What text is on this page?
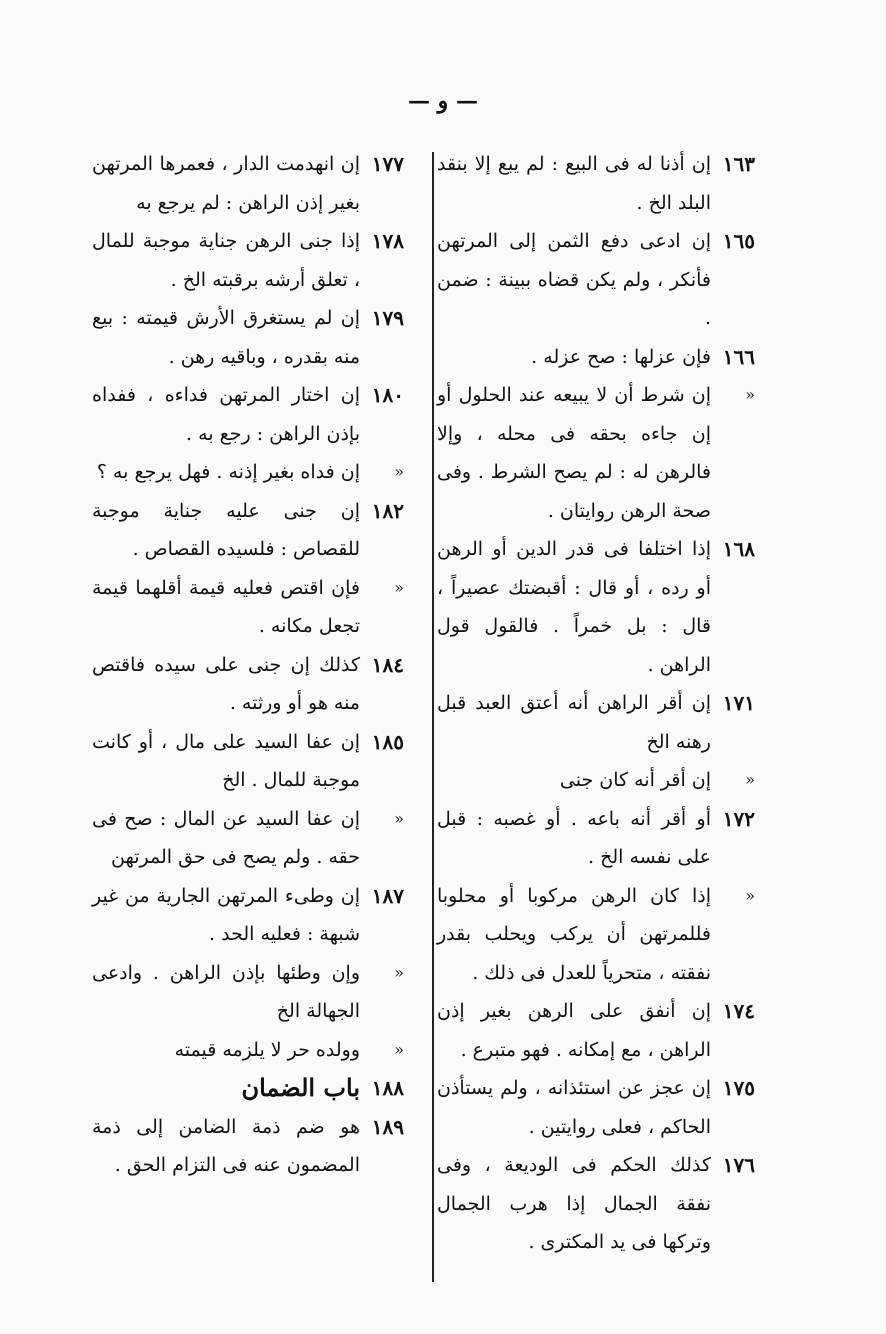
— و —
١٦٣
إن أذنا له فى البيع : لم يبع إلا بنقد البلد الخ .
١٦٥
إن ادعى دفع الثمن إلى المرتهن فأنكر ، ولم يكن قضاه ببينة : ضمن .
١٦٦
فإن عزلها : صح عزله .
«
إن شرط أن لا يبيعه عند الحلول أو إن جاءه بحقه فى محله ، وإلا فالرهن له : لم يصح الشرط . وفى صحة الرهن روايتان .
١٦٨
إذا اختلفا فى قدر الدين أو الرهن أو رده ، أو قال : أقبضتك عصيراً ، قال : بل خمراً . فالقول قول الراهن .
١٧١
إن أقر الراهن أنه أعتق العبد قبل رهنه الخ
«
إن أقر أنه كان جنى
١٧٢
أو أقر أنه باعه . أو غصبه : قبل على نفسه الخ .
«
إذا كان الرهن مركوبا أو محلوبا فللمرتهن أن يركب ويحلب بقدر نفقته ، متحرياً للعدل فى ذلك .
١٧٤
إن أنفق على الرهن بغير إذن الراهن ، مع إمكانه . فهو متبرع .
١٧٥
إن عجز عن استئذانه ، ولم يستأذن الحاكم ، فعلى روايتين .
١٧٦
كذلك الحكم فى الوديعة ، وفى نفقة الجمال إذا هرب الجمال وتركها فى يد المكترى .
١٧٧
إن انهدمت الدار ، فعمرها المرتهن بغير إذن الراهن : لم يرجع به
١٧٨
إذا جنى الرهن جناية موجبة للمال ، تعلق أرشه برقبته الخ .
١٧٩
إن لم يستغرق الأرش قيمته : بيع منه بقدره ، وباقيه رهن .
١٨٠
إن اختار المرتهن فداءه ، ففداه بإذن الراهن : رجع به .
«
إن فداه بغير إذنه . فهل يرجع به ؟
١٨٢
إن جنى عليه جناية موجبة للقصاص : فلسيده القصاص .
«
فإن اقتص فعليه قيمة أقلهما قيمة تجعل مكانه .
١٨٤
كذلك إن جنى على سيده فاقتص منه هو أو ورثته .
١٨٥
إن عفا السيد على مال ، أو كانت موجبة للمال . الخ
«
إن عفا السيد عن المال : صح فى حقه . ولم يصح فى حق المرتهن
١٨٧
إن وطىء المرتهن الجارية من غير شبهة : فعليه الحد .
«
وإن وطئها بإذن الراهن . وادعى الجهالة الخ
«
وولده حر لا يلزمه قيمته
١٨٨
باب الضمان
١٨٩
هو ضم ذمة الضامن إلى ذمة المضمون عنه فى التزام الحق .
